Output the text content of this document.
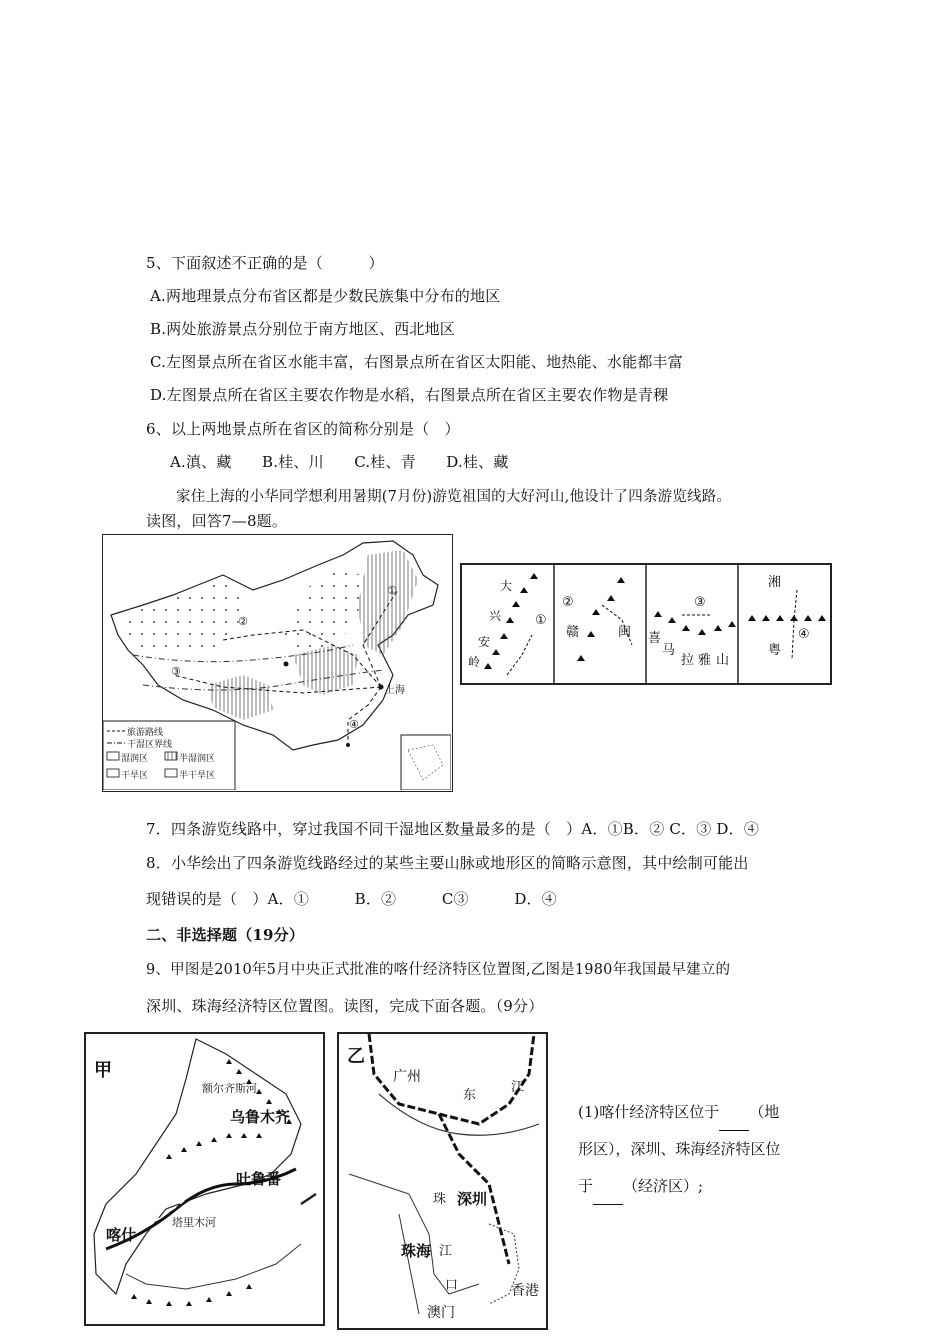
5、下面叙述不正确的是（　　　）
A.两地理景点分布省区都是少数民族集中分布的地区
B.两处旅游景点分别位于南方地区、西北地区
C.左图景点所在省区水能丰富，右图景点所在省区太阳能、地热能、水能都丰富
D.左图景点所在省区主要农作物是水稻，右图景点所在省区主要农作物是青稞
6、以上两地景点所在省区的简称分别是（　）
A.滇、藏　　B.桂、川　　C.桂、青　　D.桂、藏
家住上海的小华同学想利用暑期(7月份)游览祖国的大好河山,他设计了四条游览线路。
读图，回答7—8题。
①
②
③
④
上海
旅游路线
干湿区界线
湿润区	半湿润区
干旱区	半干旱区
①
大
兴
安
岭
②
赣	闽
③
喜
马
拉 雅 山
湘
粤
④
7．四条游览线路中，穿过我国不同干湿地区数量最多的是（　）A．①B．② C．③ D．④
8．小华绘出了四条游览线路经过的某些主要山脉或地形区的简略示意图，其中绘制可能出
现错误的是（　）A．①　　　B．②　　　C③　　　D．④
二、非选择题（19分）
9、甲图是2010年5月中央正式批准的喀什经济特区位置图,乙图是1980年我国最早建立的
深圳、珠海经济特区位置图。读图，完成下面各题。（9分）
甲
额尔齐斯河
乌鲁木齐
吐鲁番
塔里木河
喀什
乙
广州
东
江
珠 深圳
珠海 江
口	香港
澳门
(1)喀什经济特区位于 （地
形区），深圳、珠海经济特区位
于 （经济区）;
